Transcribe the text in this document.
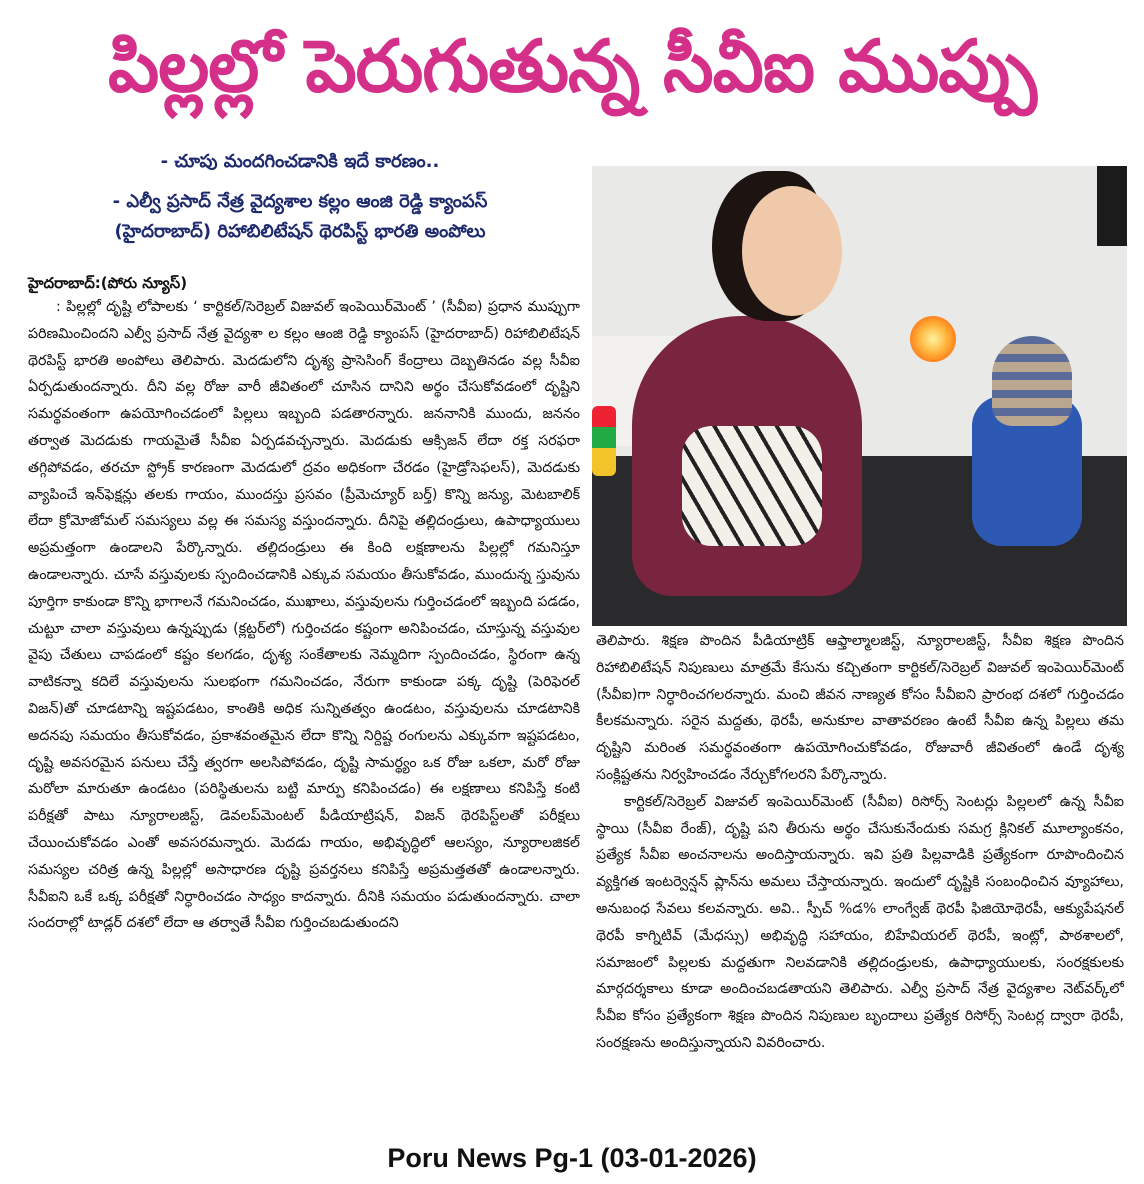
పిల్లల్లో పెరుగుతున్న సీవీఐ ముప్పు
- చూపు మందగించడానికి ఇదే కారణం..
- ఎల్వీ ప్రసాద్ నేత్ర వైద్యశాల కల్లం ఆంజి రెడ్డి క్యాంపస్
(హైదరాబాద్) రిహాబిలిటేషన్ థెరపిస్ట్ భారతి అంపోలు
హైదరాబాద్:(పోరు న్యూస్)

: పిల్లల్లో దృష్టి లోపాలకు ‘ కార్టికల్/సెరెబ్రల్ విజువల్ ఇంపెయిర్‌మెంట్ ’ (సీవీఐ) ప్రధాన ముప్పుగా పరిణమించిందని ఎల్వీ ప్రసాద్ నేత్ర వైద్యశా ల కల్లం ఆంజి రెడ్డి క్యాంపస్ (హైదరాబాద్) రిహాబిలిటేషన్ థెరపిస్ట్ భారతి అంపోలు తెలిపారు. మెదడులోని దృశ్య ప్రాసెసింగ్ కేంద్రాలు దెబ్బతినడం వల్ల సీవీఐ ఏర్పడుతుందన్నారు. దీని వల్ల రోజు వారీ జీవితంలో చూసిన దానిని అర్థం చేసుకోవడంలో దృష్టిని సమర్థవంతంగా ఉపయోగించడంలో పిల్లలు ఇబ్బంది పడతారన్నారు. జననానికి ముందు, జననం తర్వాత మెదడుకు గాయమైతే సీవీఐ ఏర్పడవచ్చన్నారు. మెదడుకు ఆక్సిజన్ లేదా రక్త సరఫరా తగ్గిపోవడం, తరచూ స్ట్రోక్ కారణంగా మెదడులో ద్రవం అధికంగా చేరడం (హైడ్రోసెఫలస్), మెదడుకు వ్యాపించే ఇన్‌ఫెక్షన్లు తలకు గాయం, ముందస్తు ప్రసవం (ప్రీమెచ్యూర్ బర్త్) కొన్ని జన్యు, మెటబాలిక్ లేదా క్రోమోజోమల్ సమస్యలు వల్ల ఈ సమస్య వస్తుందన్నారు. దీనిపై తల్లిదండ్రులు, ఉపాధ్యాయులు అప్రమత్తంగా ఉండాలని పేర్కొన్నారు. తల్లిదండ్రులు ఈ కింది లక్షణాలను పిల్లల్లో గమనిస్తూ ఉండాలన్నారు. చూసే వస్తువులకు స్పందించడానికి ఎక్కువ సమయం తీసుకోవడం, ముందున్న స్తువును పూర్తిగా కాకుండా కొన్ని భాగాలనే గమనించడం, ముఖాలు, వస్తువులను గుర్తించడంలో ఇబ్బంది పడడం, చుట్టూ చాలా వస్తువులు ఉన్నప్పుడు (క్లట్టర్‌లో) గుర్తించడం కష్టంగా అనిపించడం, చూస్తున్న వస్తువుల వైపు చేతులు చాపడంలో కష్టం కలగడం, దృశ్య సంకేతాలకు నెమ్మదిగా స్పందించడం, స్థిరంగా ఉన్న వాటికన్నా కదిలే వస్తువులను సులభంగా గమనించడం, నేరుగా కాకుండా పక్క దృష్టి (పెరిఫెరల్ విజన్)తో చూడటాన్ని ఇష్టపడటం, కాంతికి అధిక సున్నితత్వం ఉండటం, వస్తువులను చూడటానికి అదనపు సమయం తీసుకోవడం, ప్రకాశవంతమైన లేదా కొన్ని నిర్దిష్ట రంగులను ఎక్కువగా ఇష్టపడటం, దృష్టి అవసరమైన పనులు చేస్తే త్వరగా అలసిపోవడం, దృష్టి సామర్థ్యం ఒక రోజు ఒకలా, మరో రోజు మరోలా మారుతూ ఉండటం (పరిస్థితులను బట్టి మార్పు కనిపించడం) ఈ లక్షణాలు కనిపిస్తే కంటి పరీక్షతో పాటు న్యూరాలజిస్ట్, డెవలప్‌మెంటల్ పీడియాట్రిషన్, విజన్ థెరపిస్ట్‌లతో పరీక్షలు చేయించుకోవడం ఎంతో అవసరమన్నారు. మెదడు గాయం, అభివృద్ధిలో ఆలస్యం, న్యూరాలజికల్ సమస్యల చరిత్ర ఉన్న పిల్లల్లో అసాధారణ దృష్టి ప్రవర్తనలు కనిపిస్తే అప్రమత్తతతో ఉండాలన్నారు. సీవీఐని ఒకే ఒక్క పరీక్షతో నిర్ధారించడం సాధ్యం కాదన్నారు. దీనికి సమయం పడుతుందన్నారు. చాలా సందరాల్లో టాడ్లర్ దశలో లేదా ఆ తర్వాతే సీవీఐ గుర్తించబడుతుందని

తెలిపారు. శిక్షణ పొందిన పీడియాట్రిక్ ఆఫ్తాల్మాలజిస్ట్, న్యూరాలజిస్ట్, సీవీఐ శిక్షణ పొందిన రిహాబిలిటేషన్ నిపుణులు మాత్రమే కేసును కచ్చితంగా కార్టికల్/సెరెబ్రల్ విజువల్ ఇంపెయిర్‌మెంట్ (సీవీఐ)గా నిర్ధారించగలరన్నారు. మంచి జీవన నాణ్యత కోసం సీవీఐని ప్రారంభ దశలో గుర్తించడం కీలకమన్నారు. సరైన మద్దతు, థెరపీ, అనుకూల వాతావరణం ఉంటే సీవీఐ ఉన్న పిల్లలు తమ దృష్టిని మరింత సమర్థవంతంగా ఉపయోగించుకోవడం, రోజువారీ జీవితంలో ఉండే దృశ్య సంక్లిష్టతను నిర్వహించడం నేర్చుకోగలరని పేర్కొన్నారు.

కార్టికల్/సెరెబ్రల్ విజువల్ ఇంపెయిర్‌మెంట్ (సీవీఐ) రిసోర్స్ సెంటర్లు పిల్లలలో ఉన్న సీవీఐ స్థాయి (సీవీఐ రేంజ్), దృష్టి పని తీరును అర్థం చేసుకునేందుకు సమగ్ర క్లినికల్ మూల్యాంకనం, ప్రత్యేక సీవీఐ అంచనాలను అందిస్తాయన్నారు. ఇవి ప్రతి పిల్లవాడికి ప్రత్యేకంగా రూపొందించిన వ్యక్తిగత ఇంటర్వెన్షన్ ప్లాన్‌ను అమలు చేస్తాయన్నారు. ఇందులో దృష్టికి సంబంధించిన వ్యూహాలు, అనుబంధ సేవలు కలవన్నారు. అవి.. స్పీచ్ %డ% లాంగ్వేజ్ థెరపీ ఫిజియోథెరపీ, ఆక్యుపేషనల్ థెరపీ కాగ్నిటివ్ (మేధస్సు) అభివృద్ధి సహాయం, బిహేవియరల్ థెరపీ, ఇంట్లో, పాఠశాలలో, సమాజంలో పిల్లలకు మద్దతుగా నిలవడానికి తల్లిదండ్రులకు, ఉపాధ్యాయులకు, సంరక్షకులకు మార్గదర్శకాలు కూడా అందించబడతాయని తెలిపారు. ఎల్వీ ప్రసాద్ నేత్ర వైద్యశాల నెట్‌వర్క్‌లో సీవీఐ కోసం ప్రత్యేకంగా శిక్షణ పొందిన నిపుణుల బృందాలు ప్రత్యేక రిసోర్స్ సెంటర్ల ద్వారా థెరపీ, సంరక్షణను అందిస్తున్నాయని వివరించారు.

Poru News Pg-1 (03-01-2026)
